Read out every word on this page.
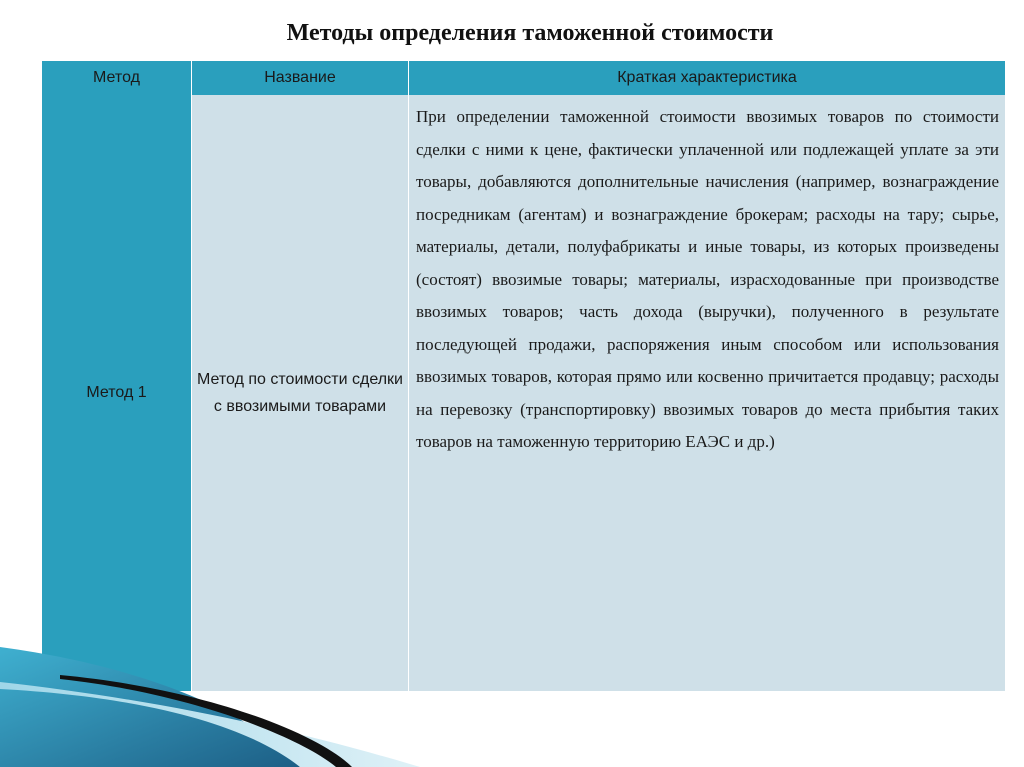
Методы определения таможенной стоимости
Метод	Название	Краткая характеристика
Метод 1	Метод по стоимости сделки с ввозимыми товарами	При определении таможенной стоимости ввозимых товаров по стоимости сделки с ними к цене, фактически уплаченной или подлежащей уплате за эти товары, добавляются дополнительные начисления (например, вознаграждение посредникам (агентам) и вознаграждение брокерам; расходы на тару; сырье, материалы, детали, полуфабрикаты и иные товары, из которых произведены (состоят) ввозимые товары; материалы, израсходованные при производстве ввозимых товаров; часть дохода (выручки), полученного в результате последующей продажи, распоряжения иным способом или использования ввозимых товаров, которая прямо или косвенно причитается продавцу; расходы на перевозку (транспортировку) ввозимых товаров до места прибытия таких товаров на таможенную территорию ЕАЭС и др.)
